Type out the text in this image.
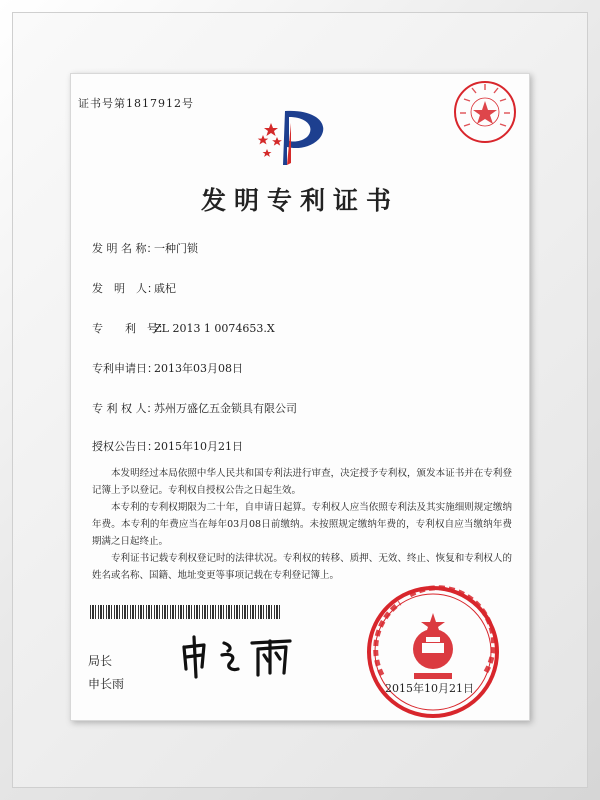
证书号第1817912号
发明专利证书
发 明 名 称：一种门锁
发　明　人：戚杞
专　　利　号：ZL 2013 1 0074653.X
专利申请日：2013年03月08日
专 利 权 人：苏州万盛亿五金锁具有限公司
授权公告日：2015年10月21日

本发明经过本局依照中华人民共和国专利法进行审查，决定授予专利权，颁发本证书并在专利登记簿上予以登记。专利权自授权公告之日起生效。

本专利的专利权期限为二十年，自申请日起算。专利权人应当依照专利法及其实施细则规定缴纳年费。本专利的年费应当在每年03月08日前缴纳。未按照规定缴纳年费的，专利权自应当缴纳年费期满之日起终止。

专利证书记载专利权登记时的法律状况。专利权的转移、质押、无效、终止、恢复和专利权人的姓名或名称、国籍、地址变更等事项记载在专利登记簿上。

局长
申长雨	2015年10月21日
